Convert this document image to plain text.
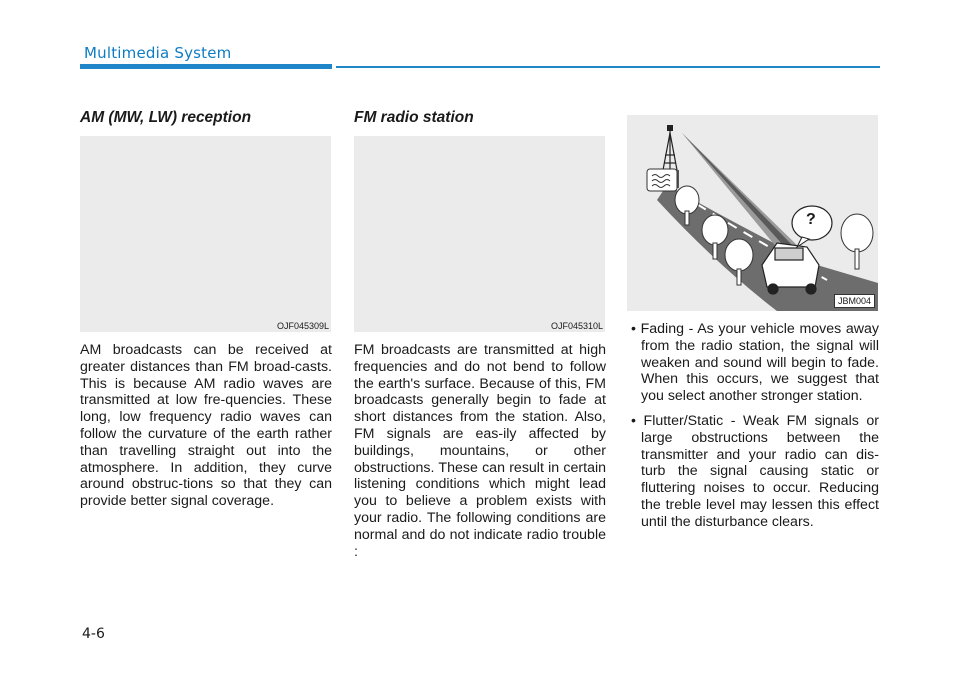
Multimedia System
AM (MW, LW) reception
OJF045309L

AM broadcasts can be received at greater distances than FM broad-casts. This is because AM radio waves are transmitted at low fre-quencies. These long, low frequency radio waves can follow the curvature of the earth rather than travelling straight out into the atmosphere. In addition, they curve around obstruc-tions so that they can provide better signal coverage.

FM radio station
OJF045310L

FM broadcasts are transmitted at high frequencies and do not bend to follow the earth's surface. Because of this, FM broadcasts generally begin to fade at short distances from the station. Also, FM signals are eas-ily affected by buildings, mountains, or other obstructions. These can result in certain listening conditions which might lead you to believe a problem exists with your radio. The following conditions are normal and do not indicate radio trouble :

?
JBM004
• Fading - As your vehicle moves away from the radio station, the signal will weaken and sound will begin to fade. When this occurs, we suggest that you select another stronger station.
• Flutter/Static - Weak FM signals or large obstructions between the transmitter and your radio can dis-turb the signal causing static or fluttering noises to occur. Reducing the treble level may lessen this effect until the disturbance clears.
4-6
